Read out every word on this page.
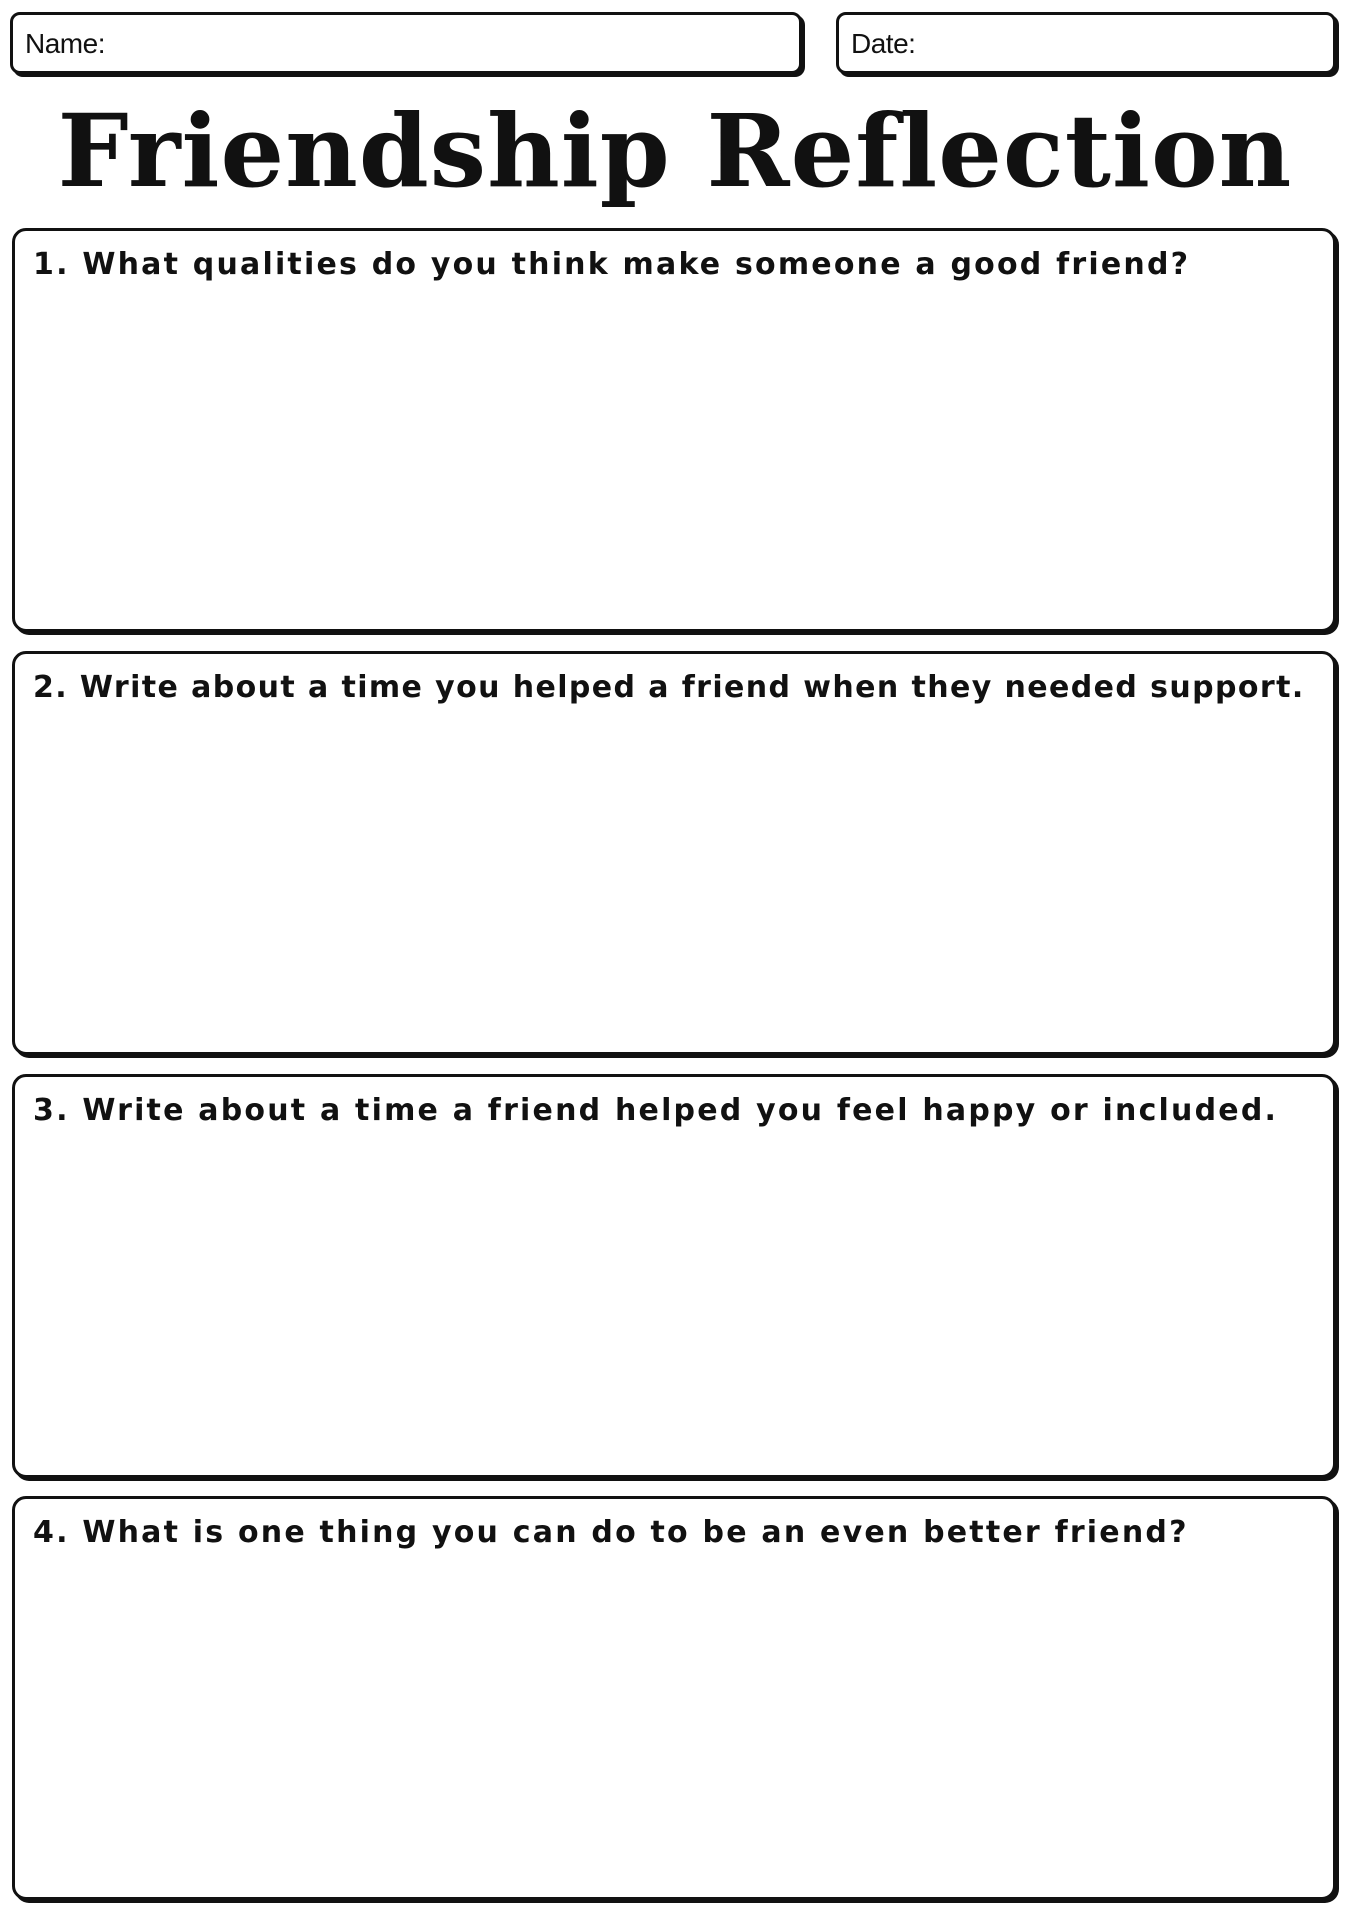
Name:	Date:
Friendship Reflection
1. What qualities do you think make someone a good friend?
2. Write about a time you helped a friend when they needed support.
3. Write about a time a friend helped you feel happy or included.
4. What is one thing you can do to be an even better friend?
